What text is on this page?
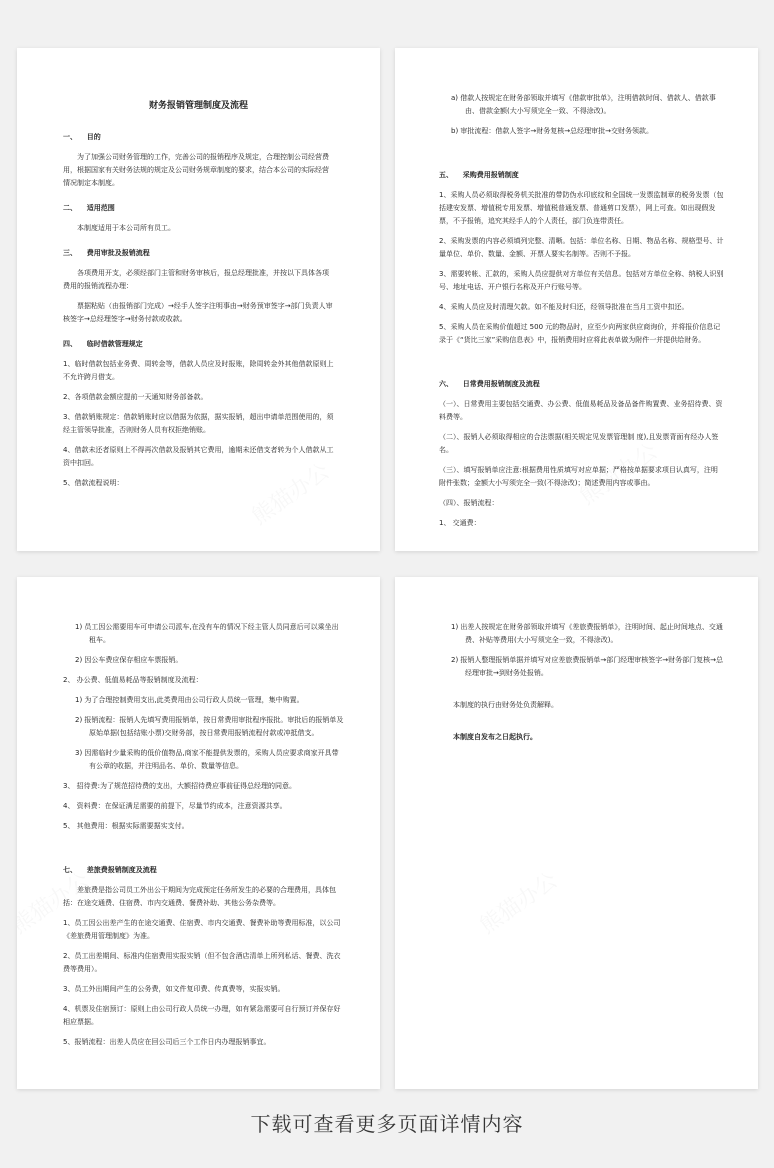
财务报销管理制度及流程
一、    目的
为了加强公司财务管理的工作，完善公司的报销程序及规定，合理控制公司经营费用，根据国家有关财务法规的规定及公司财务规章制度的要求，结合本公司的实际经营情况制定本制度。
二、    适用范围
本制度适用于本公司所有员工。
三、    费用审批及报销流程
各项费用开支，必须经部门主管和财务审核后，报总经理批准，并按以下具体各项费用的报销流程办理：
票据粘贴（由报销部门完成）→经手人签字注明事由→财务预审签字→部门负责人审核签字→总经理签字→财务付款或收款。
四、    临时借款管理规定
1、临时借款包括业务费、周转金等，借款人员应及时报账，除周转金外其他借款原则上不允许跨月借支。
2、各项借款金额应提前一天通知财务部备款。
3、借款销账规定：借款销账时应以借据为依据，据实报销，超出申请单范围使用的，须经主管领导批准，否则财务人员有权拒绝销账。
4、借款未还者原则上不得再次借款及报销其它费用，逾期未还借支者转为个人借款从工资中扣回。
5、借款流程说明：
a) 借款人按规定在财务部领取并填写《借款审批单》，注明借款时间、借款人、借款事由、借款金额(大小写须完全一致、不得涂改)。
b) 审批流程：借款人签字→财务复核→总经理审批→交财务领款。
五、    采购费用报销制度
1、采购人员必须取得税务机关批准的带防伪水印底纹和全国统一发票监制章的税务发票（包括建安发票、增值税专用发票、增值税普通发票、普通剪口发票），网上可查。如出现假发票，不予报销，追究其经手人的个人责任，部门负连带责任。
2、采购发票的内容必须填列完整、清晰。包括：单位名称、日期、物品名称、规格型号、计量单位、单价、数量、金额、开票人要实名制等。否则不予报。
3、需要转帐、汇款的，采购人员应提供对方单位有关信息。包括对方单位全称、纳税人识别号、地址电话、开户银行名称及开户行账号等。
4、采购人员应及时清理欠款。如不能及时归还，经领导批准在当月工资中扣还。
5、采购人员在采购价值超过 500 元的物品时，应至少向两家供应商询价，并将报价信息记录于《“货比三家”采购信息表》中，报销费用时应将此表单做为附件一并提供给财务。
六、    日常费用报销制度及流程
（一）、日常费用主要包括交通费、办公费、低值易耗品及备品备件购置费、业务招待费、资料费等。
（二）、报销人必须取得相应的合法票据(相关规定见发票管理制 度),且发票背面有经办人签名。
（三）、填写报销单应注意:根据费用性质填写对应单据；严格按单据要求项目认真写，注明附件张数；金额大小写须完全一致(不得涂改)；简述费用内容或事由。
（四）、报销流程：
1、 交通费：
1) 员工因公需要用车可申请公司派车,在没有车的情况下经主管人员同意后可以乘坐出租车。
2) 因公车费应保存相应车票报销。
2、 办公费、低值易耗品等报销制度及流程：
1) 为了合理控制费用支出,此类费用由公司行政人员统一管理，集中购置。
2) 报销流程：报销人先填写费用报销单，按日常费用审批程序报批。审批后的报销单及原始单据(包括结账小票)交财务部，按日常费用报销流程付款或冲抵借支。
3) 因需临时少量采购的低价值物品,商家不能提供发票的，采购人员应要求商家开具带有公章的收据，并注明品名、单价、数量等信息。
3、 招待费:为了规范招待费的支出，大额招待费应事前征得总经理的同意。
4、 资料费：在保证满足需要的前提下，尽量节约成本，注意资源共享。
5、 其他费用：根据实际需要据实支付。
七、    差旅费报销制度及流程
差旅费是指公司员工外出公干期间为完成预定任务所发生的必要的合理费用，具体包括：在途交通费、住宿费、市内交通费、餐费补助、其他公务杂费等。
1、员工因公出差产生的在途交通费、住宿费、市内交通费、餐费补助等费用标准，以公司《差旅费用管理制度》为准。
2、员工出差期间、标准内住宿费用实报实销（但不包含酒店清单上所列私话、餐费、洗衣费等费用）。
3、员工外出期间产生的公务费，如文件复印费、传真费等，实报实销。
4、机票及住宿预订：原则上由公司行政人员统一办理，如有紧急需要可自行预订并保存好相应票据。
5、报销流程：出差人员应在回公司后三个工作日内办理报销事宜。
1) 出差人按规定在财务部领取并填写《差旅费报销单》，注明时间、起止时间地点、交通费、补贴等费用(大小写须完全一致，不得涂改)。
2) 报销人整理报销单据并填写对应差旅费报销单→部门经理审核签字→财务部门复核→总经理审批→到财务处报销。
本制度的执行由财务处负责解释。
本制度自发布之日起执行。
下载可查看更多页面详情内容
